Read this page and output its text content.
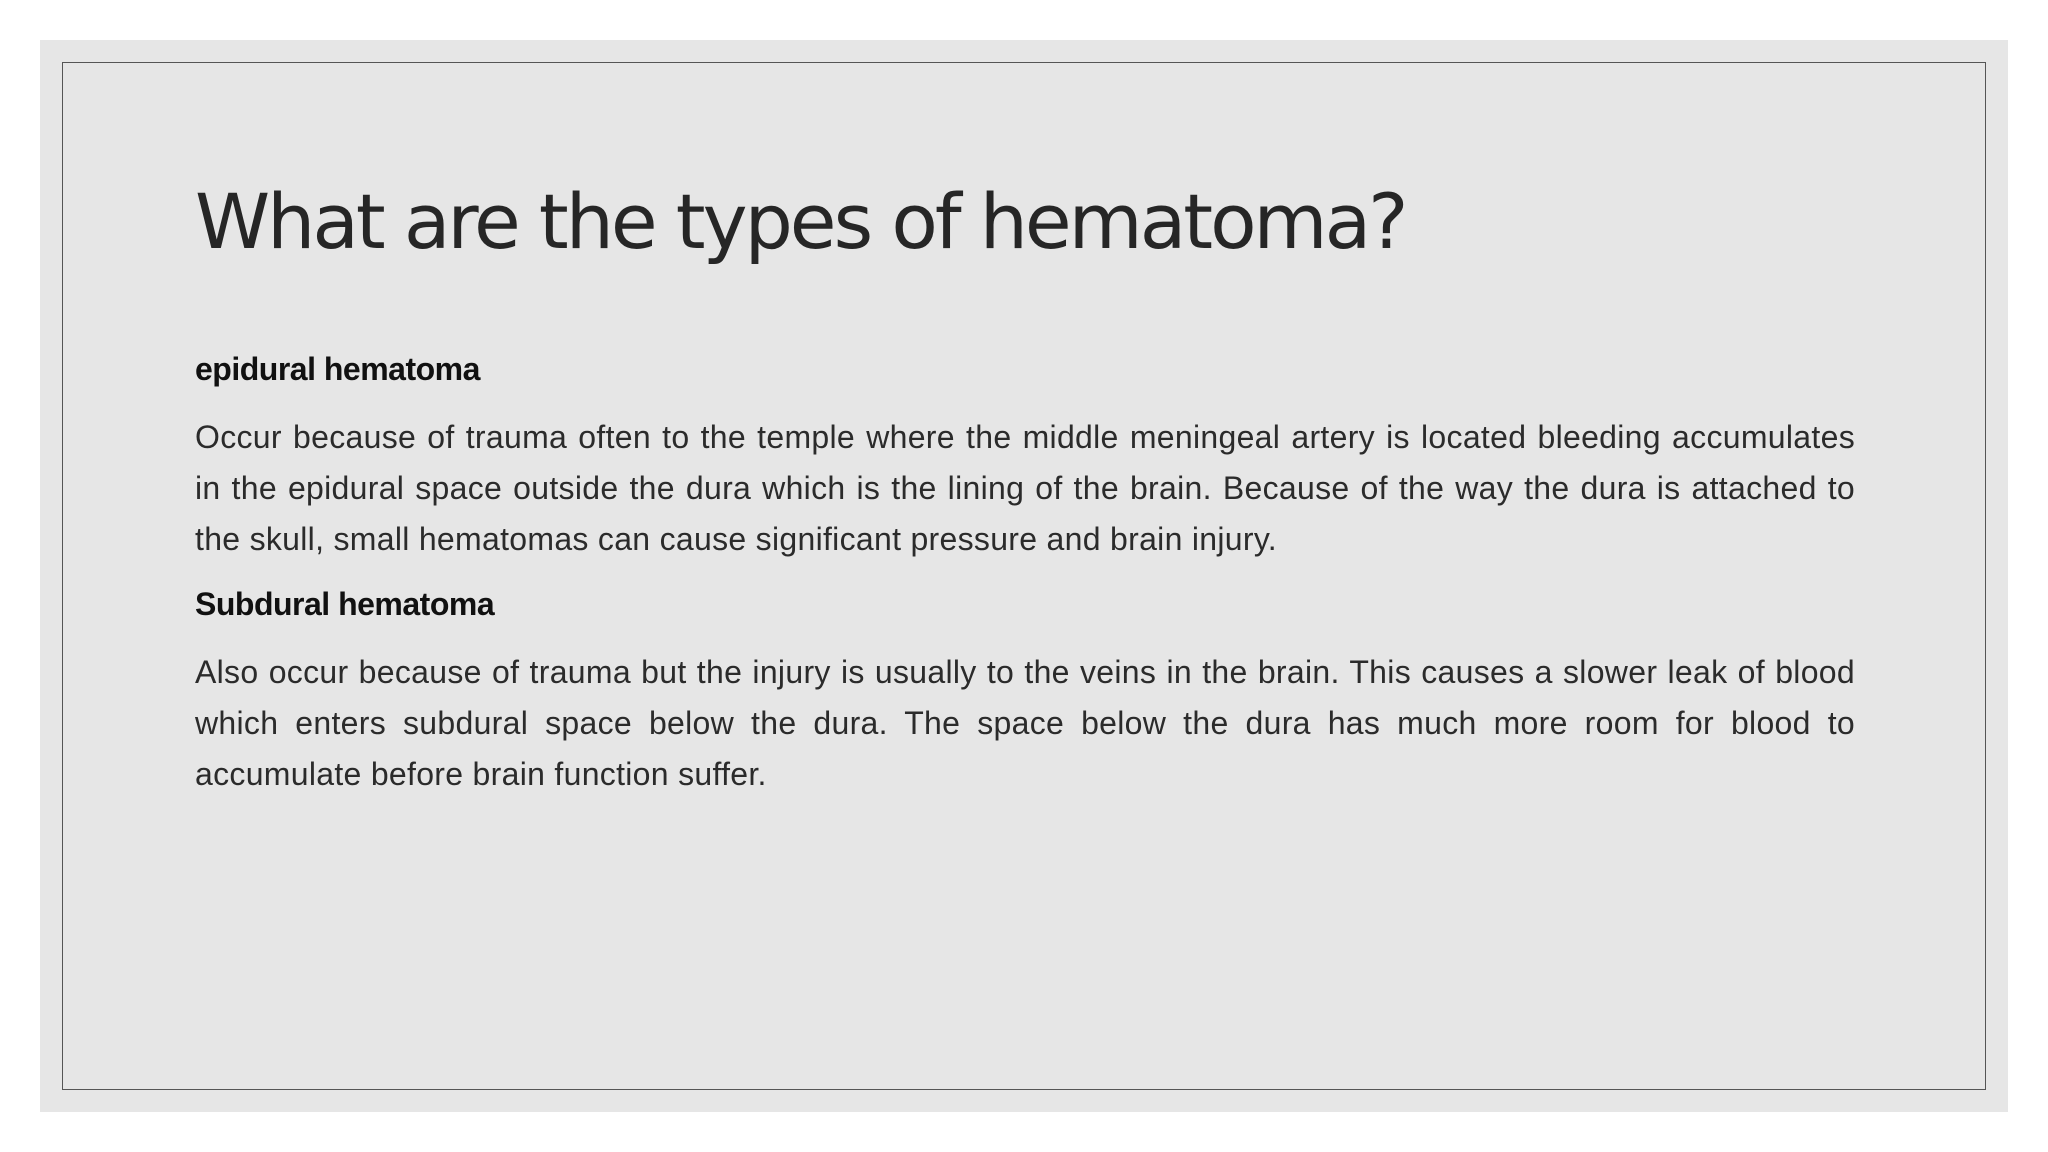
What are the types of hematoma?
epidural hematoma

Occur because of trauma often to the temple where the middle meningeal artery is located bleeding accumulates in the epidural space outside the dura which is the lining of the brain. Because of the way the dura is attached to the skull, small hematomas can cause significant pressure and brain injury.

Subdural hematoma

Also occur because of trauma but the injury is usually to the veins in the brain. This causes a slower leak of blood which enters subdural space below the dura. The space below the dura has much more room for blood to accumulate before brain function suffer.
